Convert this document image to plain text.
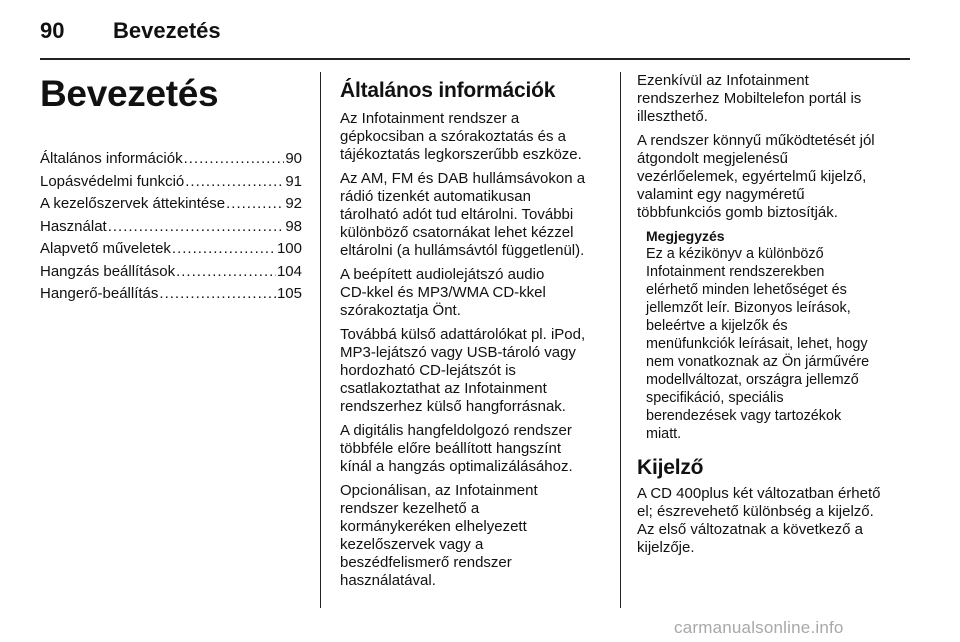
90 Bevezetés
Bevezetés
Általános információk .....	90
Lopásvédelmi funkció .....	91
A kezelőszervek áttekintése .....	92
Használat .....	98
Alapvető műveletek .....	100
Hangzás beállítások .....	104
Hangerő-beállítás .....	105
Általános információk

Az Infotainment rendszer a
gépkocsiban a szórakoztatás és a
tájékoztatás legkorszerűbb eszköze.

Az AM, FM és DAB hullámsávokon a
rádió tizenkét automatikusan
tárolható adót tud eltárolni. További
különböző csatornákat lehet kézzel
eltárolni (a hullámsávtól függetlenül).

A beépített audiolejátszó audio
CD-kkel és MP3/WMA CD-kkel
szórakoztatja Önt.

Továbbá külső adattárolókat pl. iPod,
MP3-lejátszó vagy USB-tároló vagy
hordozható CD-lejátszót is
csatlakoztathat az Infotainment
rendszerhez külső hangforrásnak.

A digitális hangfeldolgozó rendszer
többféle előre beállított hangszínt
kínál a hangzás optimalizálásához.

Opcionálisan, az Infotainment
rendszer kezelhető a
kormánykeréken elhelyezett
kezelőszervek vagy a
beszédfelismerő rendszer
használatával.

Ezenkívül az Infotainment
rendszerhez Mobiltelefon portál is
illeszthető.

A rendszer könnyű működtetését jól
átgondolt megjelenésű
vezérlőelemek, egyértelmű kijelző,
valamint egy nagyméretű
többfunkciós gomb biztosítják.

Megjegyzés

Ez a kézikönyv a különböző
Infotainment rendszerekben
elérhető minden lehetőséget és
jellemzőt leír. Bizonyos leírások,
beleértve a kijelzők és
menüfunkciók leírásait, lehet, hogy
nem vonatkoznak az Ön járművére
modellváltozat, országra jellemző
specifikáció, speciális
berendezések vagy tartozékok
miatt.

Kijelző

A CD 400plus két változatban érhető
el; észrevehető különbség a kijelző.
Az első változatnak a következő a
kijelzője.

carmanualsonline.info
